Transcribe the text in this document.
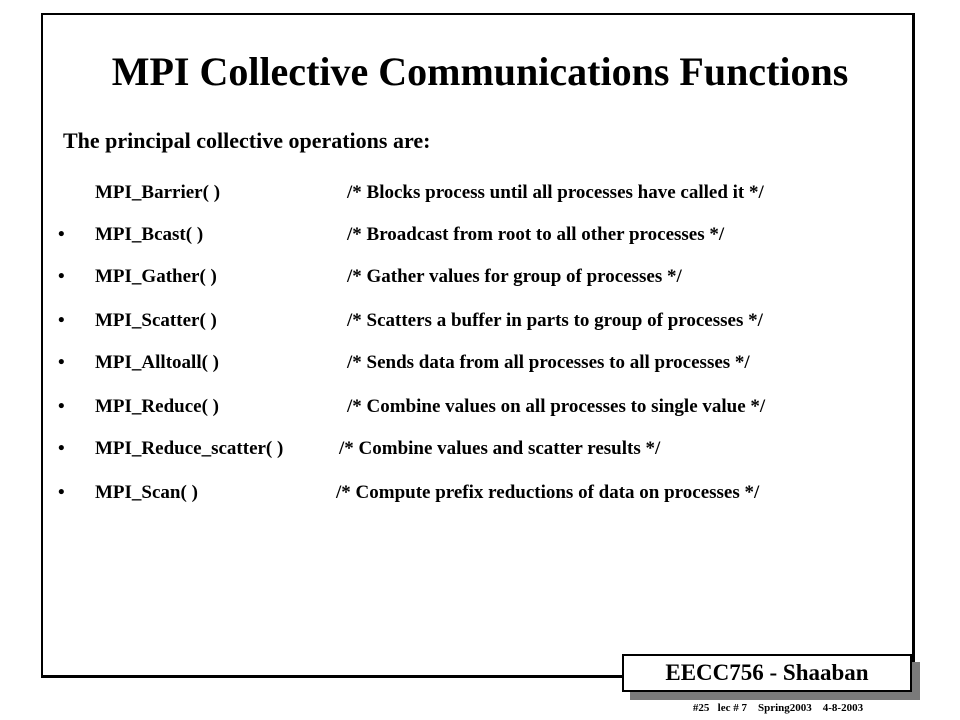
MPI Collective Communications Functions
The principal collective operations are:
MPI_Barrier( )	/* Blocks process until all processes have called it */
• MPI_Bcast( )	/* Broadcast from root to all other processes */
• MPI_Gather( )	/* Gather values for group of processes */
• MPI_Scatter( )	/* Scatters a buffer in parts to group of processes */
• MPI_Alltoall( )	/* Sends data from all processes to all processes */
• MPI_Reduce( )	/* Combine values on all processes to single value */
• MPI_Reduce_scatter( )	/* Combine values and scatter results */
• MPI_Scan( )	/* Compute prefix reductions of data on processes */
EECC756 - Shaaban
#25   lec # 7    Spring2003    4-8-2003
